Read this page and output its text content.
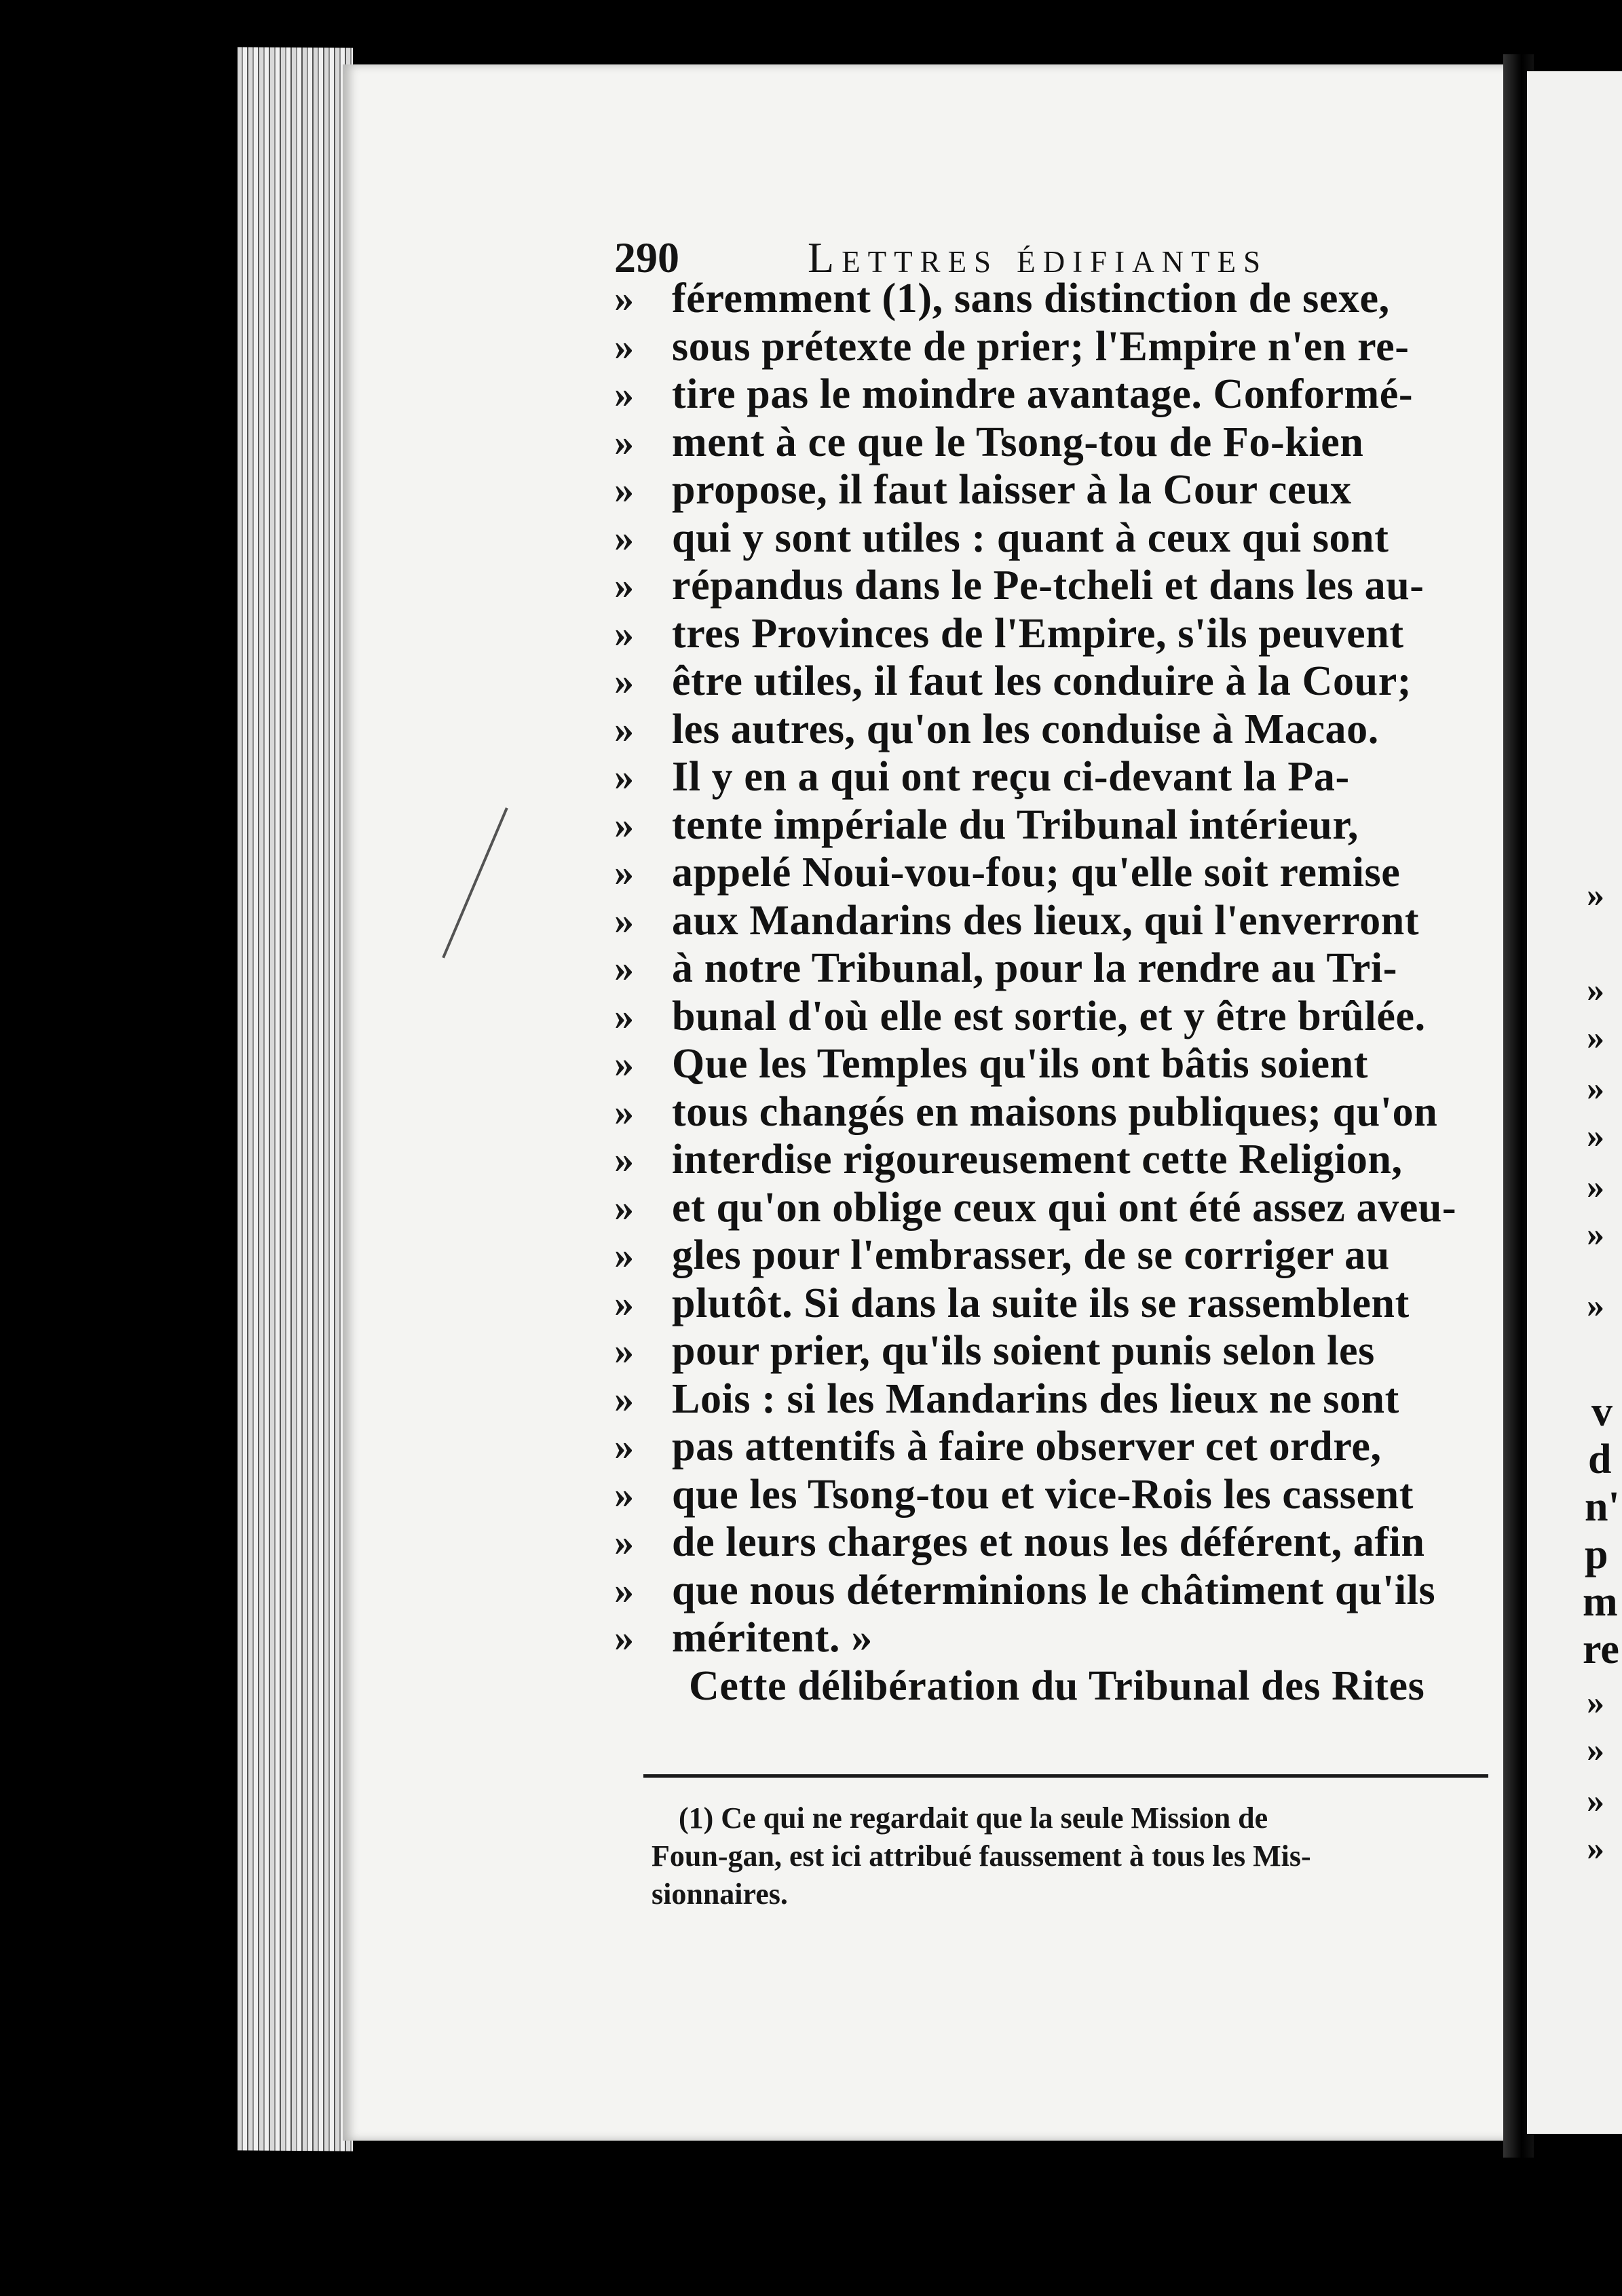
»
»
»
»
»
»
»
»
v
d
n'
p
m
re
»
»
»
»
290	Lettres édifiantes
» féremment (1), sans distinction de sexe,
» sous prétexte de prier; l'Empire n'en re-
» tire pas le moindre avantage. Conformé-
» ment à ce que le Tsong-tou de Fo-kien
» propose, il faut laisser à la Cour ceux
» qui y sont utiles : quant à ceux qui sont
» répandus dans le Pe-tcheli et dans les au-
» tres Provinces de l'Empire, s'ils peuvent
» être utiles, il faut les conduire à la Cour;
» les autres, qu'on les conduise à Macao.
» Il y en a qui ont reçu ci-devant la Pa-
» tente impériale du Tribunal intérieur,
» appelé Noui-vou-fou; qu'elle soit remise
» aux Mandarins des lieux, qui l'enverront
» à notre Tribunal, pour la rendre au Tri-
» bunal d'où elle est sortie, et y être brûlée.
» Que les Temples qu'ils ont bâtis soient
» tous changés en maisons publiques; qu'on
» interdise rigoureusement cette Religion,
» et qu'on oblige ceux qui ont été assez aveu-
» gles pour l'embrasser, de se corriger au
» plutôt. Si dans la suite ils se rassemblent
» pour prier, qu'ils soient punis selon les
» Lois : si les Mandarins des lieux ne sont
» pas attentifs à faire observer cet ordre,
» que les Tsong-tou et vice-Rois les cassent
» de leurs charges et nous les déférent, afin
» que nous déterminions le châtiment qu'ils
» méritent. »
Cette délibération du Tribunal des Rites
(1) Ce qui ne regardait que la seule Mission de
Foun-gan, est ici attribué faussement à tous les Mis-
sionnaires.
